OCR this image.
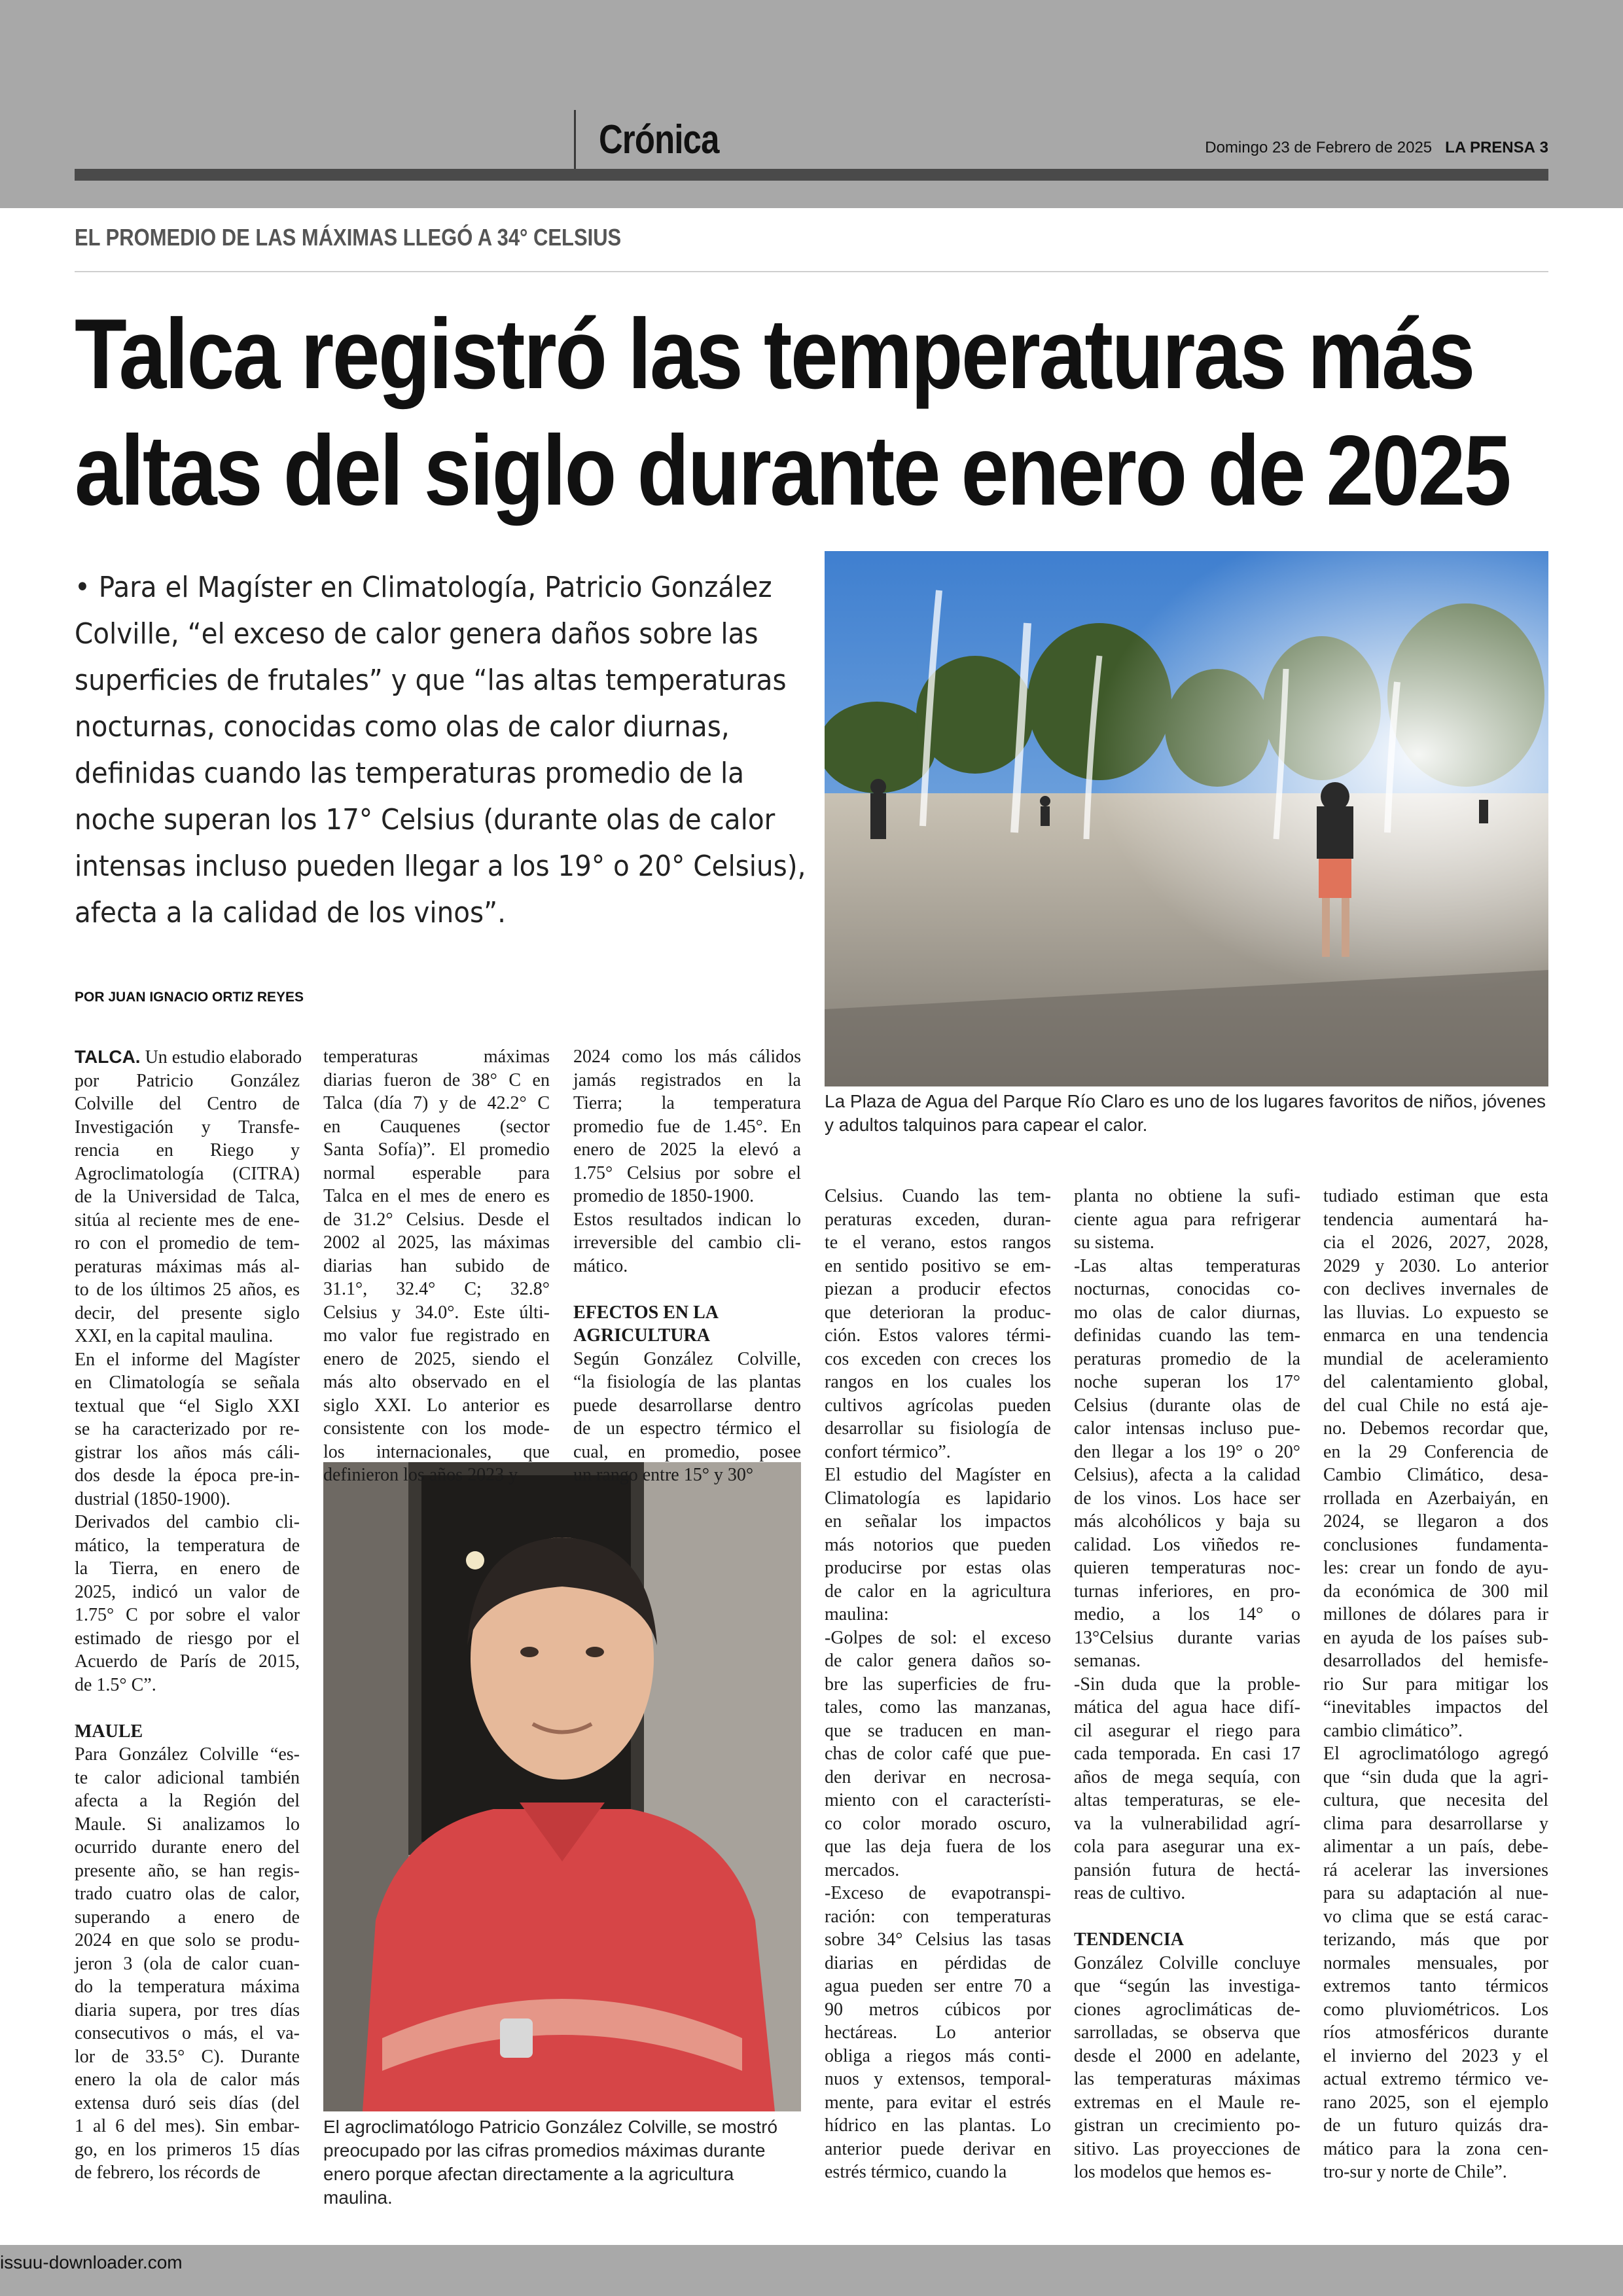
Crónica	Domingo 23 de Febrero de 2025 LA PRENSA 3
EL PROMEDIO DE LAS MÁXIMAS LLEGÓ A 34° CELSIUS
Talca registró las temperaturas más
altas del siglo durante enero de 2025
• Para el Magíster en Climatología, Patricio González
Colville, “el exceso de calor genera daños sobre las
superficies de frutales” y que “las altas temperaturas
nocturnas, conocidas como olas de calor diurnas,
definidas cuando las temperaturas promedio de la
noche superan los 17° Celsius (durante olas de calor
intensas incluso pueden llegar a los 19° o 20° Celsius),
afecta a la calidad de los vinos”.
POR JUAN IGNACIO ORTIZ REYES
La Plaza de Agua del Parque Río Claro es uno de los lugares favoritos de niños, jóvenes y adultos talquinos para capear el calor.
El agroclimatólogo Patricio González Colville, se mostró preocupado por las cifras promedios máximas durante enero porque afectan directamente a la agricultura maulina.
TALCA. Un estudio elaborado
por Patricio González
Colville del Centro de
Investigación y Transfe-
rencia en Riego y
Agroclimatología (CITRA)
de la Universidad de Talca,
sitúa al reciente mes de ene-
ro con el promedio de tem-
peraturas máximas más al-
to de los últimos 25 años, es
decir, del presente siglo
XXI, en la capital maulina.
En el informe del Magíster
en Climatología se señala
textual que “el Siglo XXI
se ha caracterizado por re-
gistrar los años más cáli-
dos desde la época pre-in-
dustrial (1850-1900).
Derivados del cambio cli-
mático, la temperatura de
la Tierra, en enero de
2025, indicó un valor de
1.75° C por sobre el valor
estimado de riesgo por el
Acuerdo de París de 2015,
de 1.5° C”.

MAULE
Para González Colville “es-
te calor adicional también
afecta a la Región del
Maule. Si analizamos lo
ocurrido durante enero del
presente año, se han regis-
trado cuatro olas de calor,
superando a enero de
2024 en que solo se produ-
jeron 3 (ola de calor cuan-
do la temperatura máxima
diaria supera, por tres días
consecutivos o más, el va-
lor de 33.5° C). Durante
enero la ola de calor más
extensa duró seis días (del
1 al 6 del mes). Sin embar-
go, en los primeros 15 días
de febrero, los récords de
temperaturas máximas
diarias fueron de 38° C en
Talca (día 7) y de 42.2° C
en Cauquenes (sector
Santa Sofía)”. El promedio
normal esperable para
Talca en el mes de enero es
de 31.2° Celsius. Desde el
2002 al 2025, las máximas
diarias han subido de
31.1°, 32.4° C; 32.8°
Celsius y 34.0°. Este últi-
mo valor fue registrado en
enero de 2025, siendo el
más alto observado en el
siglo XXI. Lo anterior es
consistente con los mode-
los internacionales, que
definieron los años 2023 y
2024 como los más cálidos
jamás registrados en la
Tierra; la temperatura
promedio fue de 1.45°. En
enero de 2025 la elevó a
1.75° Celsius por sobre el
promedio de 1850-1900.
Estos resultados indican lo
irreversible del cambio cli-
mático.

EFECTOS EN LA
AGRICULTURA
Según González Colville,
“la fisiología de las plantas
puede desarrollarse dentro
de un espectro térmico el
cual, en promedio, posee
un rango entre 15° y 30°
Celsius. Cuando las tem-
peraturas exceden, duran-
te el verano, estos rangos
en sentido positivo se em-
piezan a producir efectos
que deterioran la produc-
ción. Estos valores térmi-
cos exceden con creces los
rangos en los cuales los
cultivos agrícolas pueden
desarrollar su fisiología de
confort térmico”.
El estudio del Magíster en
Climatología es lapidario
en señalar los impactos
más notorios que pueden
producirse por estas olas
de calor en la agricultura
maulina:
-Golpes de sol: el exceso
de calor genera daños so-
bre las superficies de fru-
tales, como las manzanas,
que se traducen en man-
chas de color café que pue-
den derivar en necrosa-
miento con el característi-
co color morado oscuro,
que las deja fuera de los
mercados.
-Exceso de evapotranspi-
ración: con temperaturas
sobre 34° Celsius las tasas
diarias en pérdidas de
agua pueden ser entre 70 a
90 metros cúbicos por
hectáreas. Lo anterior
obliga a riegos más conti-
nuos y extensos, temporal-
mente, para evitar el estrés
hídrico en las plantas. Lo
anterior puede derivar en
estrés térmico, cuando la
planta no obtiene la sufi-
ciente agua para refrigerar
su sistema.
-Las altas temperaturas
nocturnas, conocidas co-
mo olas de calor diurnas,
definidas cuando las tem-
peraturas promedio de la
noche superan los 17°
Celsius (durante olas de
calor intensas incluso pue-
den llegar a los 19° o 20°
Celsius), afecta a la calidad
de los vinos. Los hace ser
más alcohólicos y baja su
calidad. Los viñedos re-
quieren temperaturas noc-
turnas inferiores, en pro-
medio, a los 14° o
13°Celsius durante varias
semanas.
-Sin duda que la proble-
mática del agua hace difí-
cil asegurar el riego para
cada temporada. En casi 17
años de mega sequía, con
altas temperaturas, se ele-
va la vulnerabilidad agrí-
cola para asegurar una ex-
pansión futura de hectá-
reas de cultivo.

TENDENCIA
González Colville concluye
que “según las investiga-
ciones agroclimáticas de-
sarrolladas, se observa que
desde el 2000 en adelante,
las temperaturas máximas
extremas en el Maule re-
gistran un crecimiento po-
sitivo. Las proyecciones de
los modelos que hemos es-
tudiado estiman que esta
tendencia aumentará ha-
cia el 2026, 2027, 2028,
2029 y 2030. Lo anterior
con declives invernales de
las lluvias. Lo expuesto se
enmarca en una tendencia
mundial de aceleramiento
del calentamiento global,
del cual Chile no está aje-
no. Debemos recordar que,
en la 29 Conferencia de
Cambio Climático, desa-
rrollada en Azerbaiyán, en
2024, se llegaron a dos
conclusiones fundamenta-
les: crear un fondo de ayu-
da económica de 300 mil
millones de dólares para ir
en ayuda de los países sub-
desarrollados del hemisfe-
rio Sur para mitigar los
“inevitables impactos del
cambio climático”.
El agroclimatólogo agregó
que “sin duda que la agri-
cultura, que necesita del
clima para desarrollarse y
alimentar a un país, debe-
rá acelerar las inversiones
para su adaptación al nue-
vo clima que se está carac-
terizando, más que por
normales mensuales, por
extremos tanto térmicos
como pluviométricos. Los
ríos atmosféricos durante
el invierno del 2023 y el
actual extremo térmico ve-
rano 2025, son el ejemplo
de un futuro quizás dra-
mático para la zona cen-
tro-sur y norte de Chile”.
issuu-downloader.com
